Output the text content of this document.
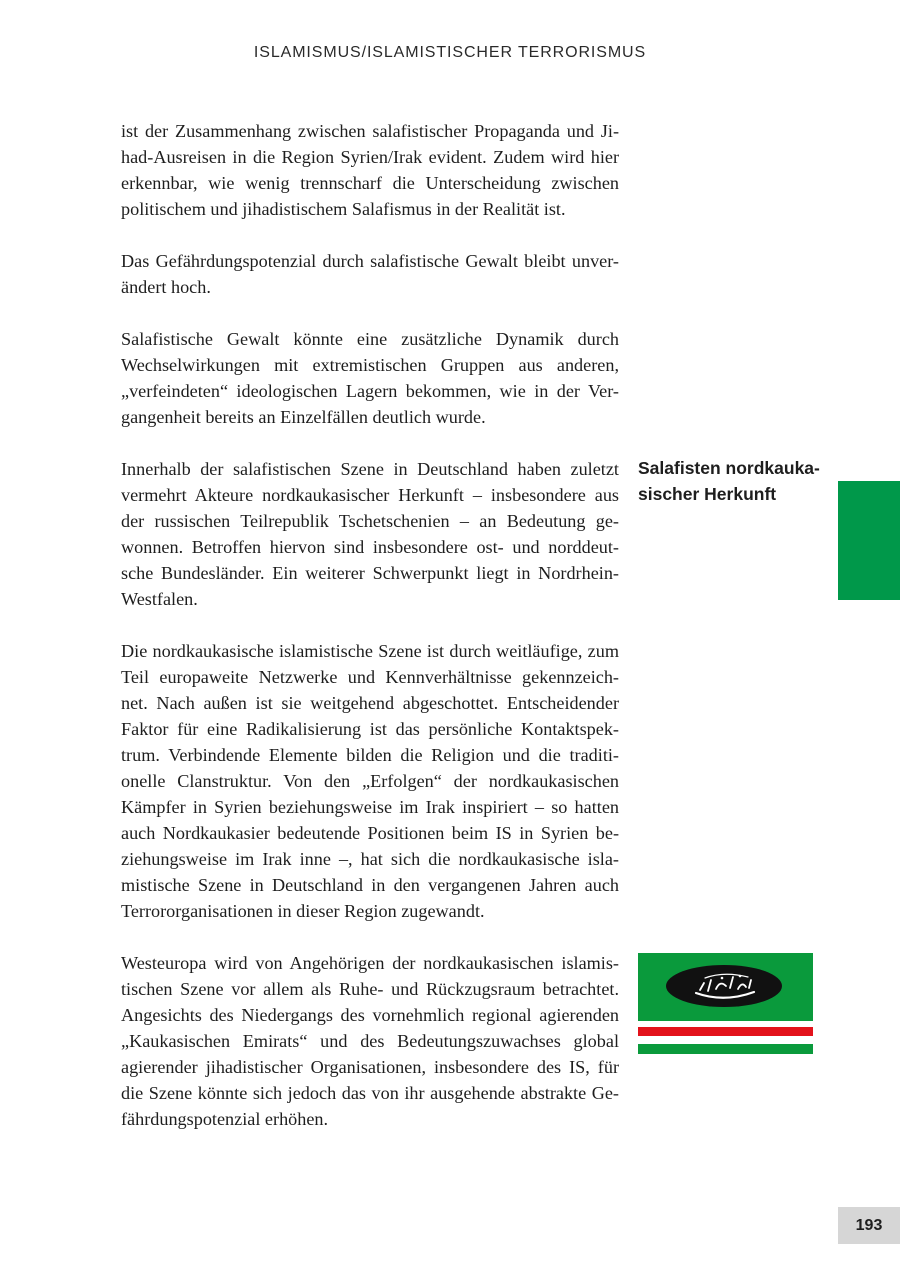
ISLAMISMUS/ISLAMISTISCHER TERRORISMUS

ist der Zusammenhang zwischen salafistischer Propaganda und Ji-
had-Ausreisen in die Region Syrien/Irak evident. Zudem wird hier
erkennbar, wie wenig trennscharf die Unterscheidung zwischen
politischem und jihadistischem Salafismus in der Realität ist.

Das Gefährdungspotenzial durch salafistische Gewalt bleibt unver-
ändert hoch.

Salafistische Gewalt könnte eine zusätzliche Dynamik durch
Wechselwirkungen mit extremistischen Gruppen aus anderen,
„verfeindeten“ ideologischen Lagern bekommen, wie in der Ver-
gangenheit bereits an Einzelfällen deutlich wurde.

Innerhalb der salafistischen Szene in Deutschland haben zuletzt
vermehrt Akteure nordkaukasischer Herkunft – insbesondere aus
der russischen Teilrepublik Tschetschenien – an Bedeutung ge-
wonnen. Betroffen hiervon sind insbesondere ost- und norddeut-
sche Bundesländer. Ein weiterer Schwerpunkt liegt in Nordrhein-
Westfalen.

Die nordkaukasische islamistische Szene ist durch weitläufige, zum
Teil europaweite Netzwerke und Kennverhältnisse gekennzeich-
net. Nach außen ist sie weitgehend abgeschottet. Entscheidender
Faktor für eine Radikalisierung ist das persönliche Kontaktspek-
trum. Verbindende Elemente bilden die Religion und die traditi-
onelle Clanstruktur. Von den „Erfolgen“ der nordkaukasischen
Kämpfer in Syrien beziehungsweise im Irak inspiriert – so hatten
auch Nordkaukasier bedeutende Positionen beim IS in Syrien be-
ziehungsweise im Irak inne –, hat sich die nordkaukasische isla-
mistische Szene in Deutschland in den vergangenen Jahren auch
Terrororganisationen in dieser Region zugewandt.

Westeuropa wird von Angehörigen der nordkaukasischen islamis-
tischen Szene vor allem als Ruhe- und Rückzugsraum betrachtet.
Angesichts des Niedergangs des vornehmlich regional agierenden
„Kaukasischen Emirats“ und des Bedeutungszuwachses global
agierender jihadistischer Organisationen, insbesondere des IS, für
die Szene könnte sich jedoch das von ihr ausgehende abstrakte Ge-
fährdungspotenzial erhöhen.

Salafisten nordkauka-
sischer Herkunft
193
